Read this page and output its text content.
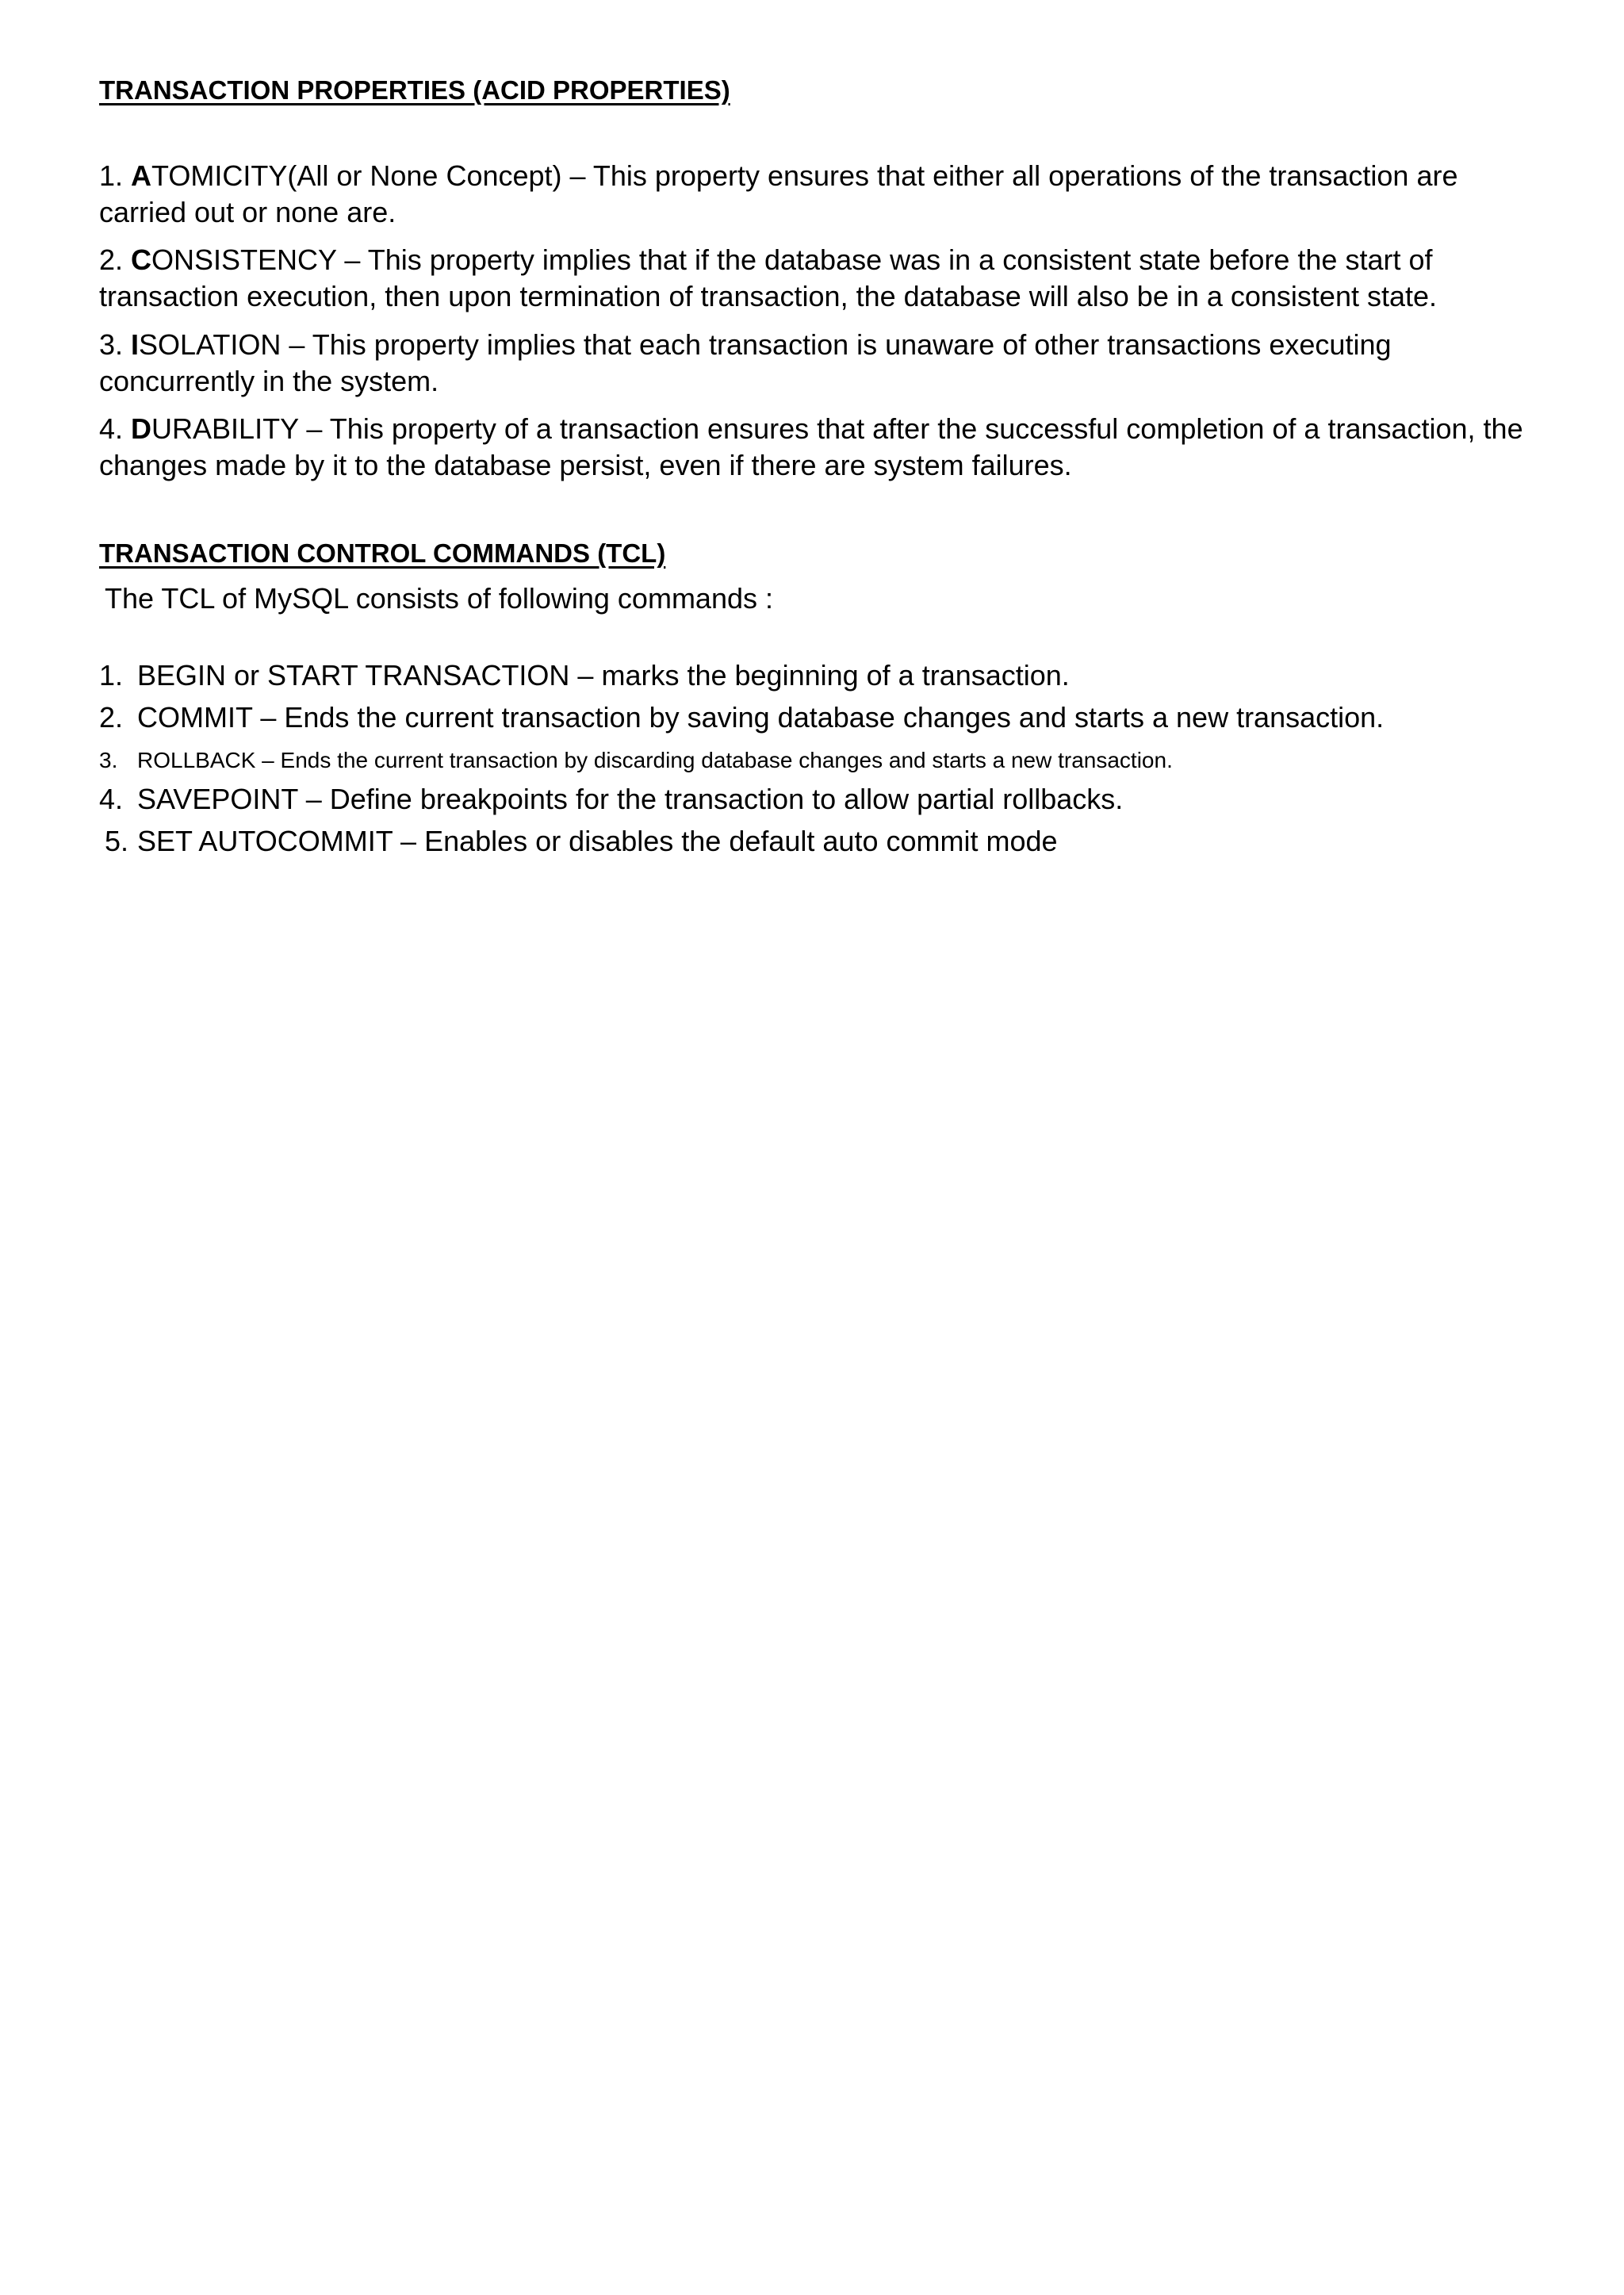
TRANSACTION PROPERTIES (ACID PROPERTIES)
1. ATOMICITY(All or None Concept) – This property ensures that either all operations of the transaction are carried out or none are.
2. CONSISTENCY – This property implies that if the database was in a consistent state before the start of transaction execution, then upon termination of transaction, the database will also be in a consistent state.
3. ISOLATION – This property implies that each transaction is unaware of other transactions executing concurrently in the system.
4. DURABILITY – This property of a transaction ensures that after the successful completion of a transaction, the changes made by it to the database persist, even if there are system failures.
TRANSACTION CONTROL COMMANDS (TCL)
The TCL of MySQL consists of following commands :
1. BEGIN or START TRANSACTION – marks the beginning of a transaction.
2. COMMIT – Ends the current transaction by saving database changes and starts a new transaction.
3. ROLLBACK – Ends the current transaction by discarding database changes and starts a new transaction.
4. SAVEPOINT – Define breakpoints for the transaction to allow partial rollbacks.
5. SET AUTOCOMMIT – Enables or disables the default auto commit mode
